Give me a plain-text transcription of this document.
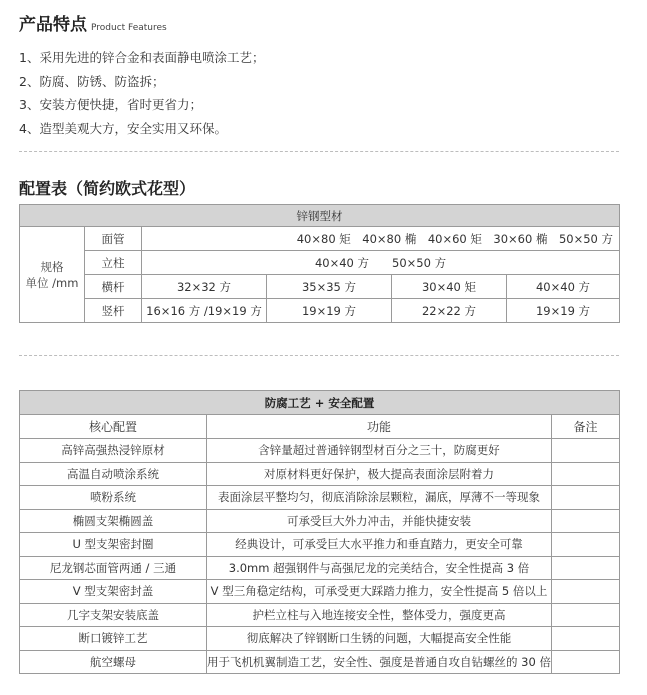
产品特点 Product Features
1、采用先进的锌合金和表面静电喷涂工艺；
2、防腐、防锈、防盗拆；
3、安装方便快捷，省时更省力；
4、造型美观大方，安全实用又环保。
配置表（简约欧式花型）
锌钢型材					

规格
单位 /mm	面管	40×80 矩　40×80 椭　40×60 矩　30×60 椭　50×50 方			
	立柱	40×40 方　　50×50 方			
	横杆	32×32 方	35×35 方	30×40 矩	40×40 方
	竖杆	16×16 方 /19×19 方	19×19 方	22×22 方	19×19 方
防腐工艺 + 安全配置		
核心配置	功能	备注
高锌高强热浸锌原材	含锌量超过普通锌钢型材百分之三十，防腐更好	
高温自动喷涂系统	对原材料更好保护，极大提高表面涂层附着力	
喷粉系统	表面涂层平整均匀，彻底消除涂层颗粒，漏底，厚薄不一等现象	
椭圆支架椭圆盖	可承受巨大外力冲击，并能快捷安装	
U 型支架密封圈	经典设计，可承受巨大水平推力和垂直踏力，更安全可靠	
尼龙钢芯面管两通 / 三通	3.0mm 超强钢件与高强尼龙的完美结合，安全性提高 3 倍	
V 型支架密封盖	V 型三角稳定结构，可承受更大踩踏力推力，安全性提高 5 倍以上	
几字支架安装底盖	护栏立柱与入地连接安全性，整体受力，强度更高	
断口镀锌工艺	彻底解决了锌钢断口生锈的问题，大幅提高安全性能	
航空螺母	用于飞机机翼制造工艺，安全性、强度是普通自攻自钻螺丝的 30 倍	
